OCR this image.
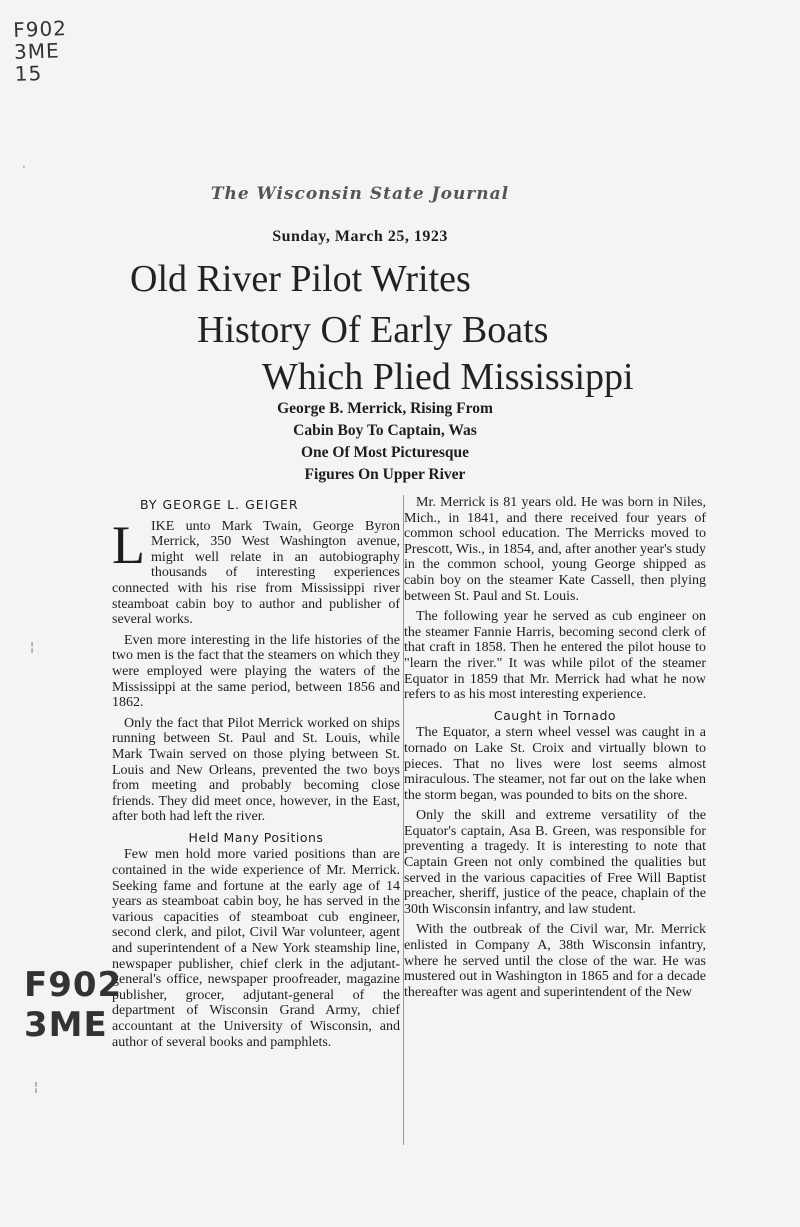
F902
3ME
15
·
¦
¦
The Wisconsin State Journal
Sunday, March 25, 1923
Old River Pilot Writes
History Of Early Boats
Which Plied Mississippi
George B. Merrick, Rising From
Cabin Boy To Captain, Was
One Of Most Picturesque
Figures On Upper River
BY GEORGE L. GEIGER

LIKE unto Mark Twain, George Byron Merrick, 350 West Washington avenue, might well relate in an autobiography thousands of interesting experiences connected with his rise from Mississippi river steamboat cabin boy to author and publisher of several works.

Even more interesting in the life histories of the two men is the fact that the steamers on which they were employed were playing the waters of the Mississippi at the same period, between 1856 and 1862.

Only the fact that Pilot Merrick worked on ships running between St. Paul and St. Louis, while Mark Twain served on those plying between St. Louis and New Orleans, prevented the two boys from meeting and probably becoming close friends. They did meet once, however, in the East, after both had left the river.

Held Many Positions

Few men hold more varied positions than are contained in the wide experience of Mr. Merrick. Seeking fame and fortune at the early age of 14 years as steamboat cabin boy, he has served in the various capacities of steamboat cub engineer, second clerk, and pilot, Civil War volunteer, agent and superintendent of a New York steamship line, newspaper publisher, chief clerk in the adjutant-general's office, newspaper proofreader, magazine publisher, grocer, adjutant-general of the department of Wisconsin Grand Army, chief accountant at the University of Wisconsin, and author of several books and pamphlets.

Mr. Merrick is 81 years old. He was born in Niles, Mich., in 1841, and there received four years of common school education. The Merricks moved to Prescott, Wis., in 1854, and, after another year's study in the common school, young George shipped as cabin boy on the steamer Kate Cassell, then plying between St. Paul and St. Louis.

The following year he served as cub engineer on the steamer Fannie Harris, becoming second clerk of that craft in 1858. Then he entered the pilot house to "learn the river." It was while pilot of the steamer Equator in 1859 that Mr. Merrick had what he now refers to as his most interesting experience.

Caught in Tornado

The Equator, a stern wheel vessel was caught in a tornado on Lake St. Croix and virtually blown to pieces. That no lives were lost seems almost miraculous. The steamer, not far out on the lake when the storm began, was pounded to bits on the shore.

Only the skill and extreme versatility of the Equator's captain, Asa B. Green, was responsible for preventing a tragedy. It is interesting to note that Captain Green not only combined the qualities but served in the various capacities of Free Will Baptist preacher, sheriff, justice of the peace, chaplain of the 30th Wisconsin infantry, and law student.

With the outbreak of the Civil war, Mr. Merrick enlisted in Company A, 38th Wisconsin infantry, where he served until the close of the war. He was mustered out in Washington in 1865 and for a decade thereafter was agent and superintendent of the New

F902
3ME
